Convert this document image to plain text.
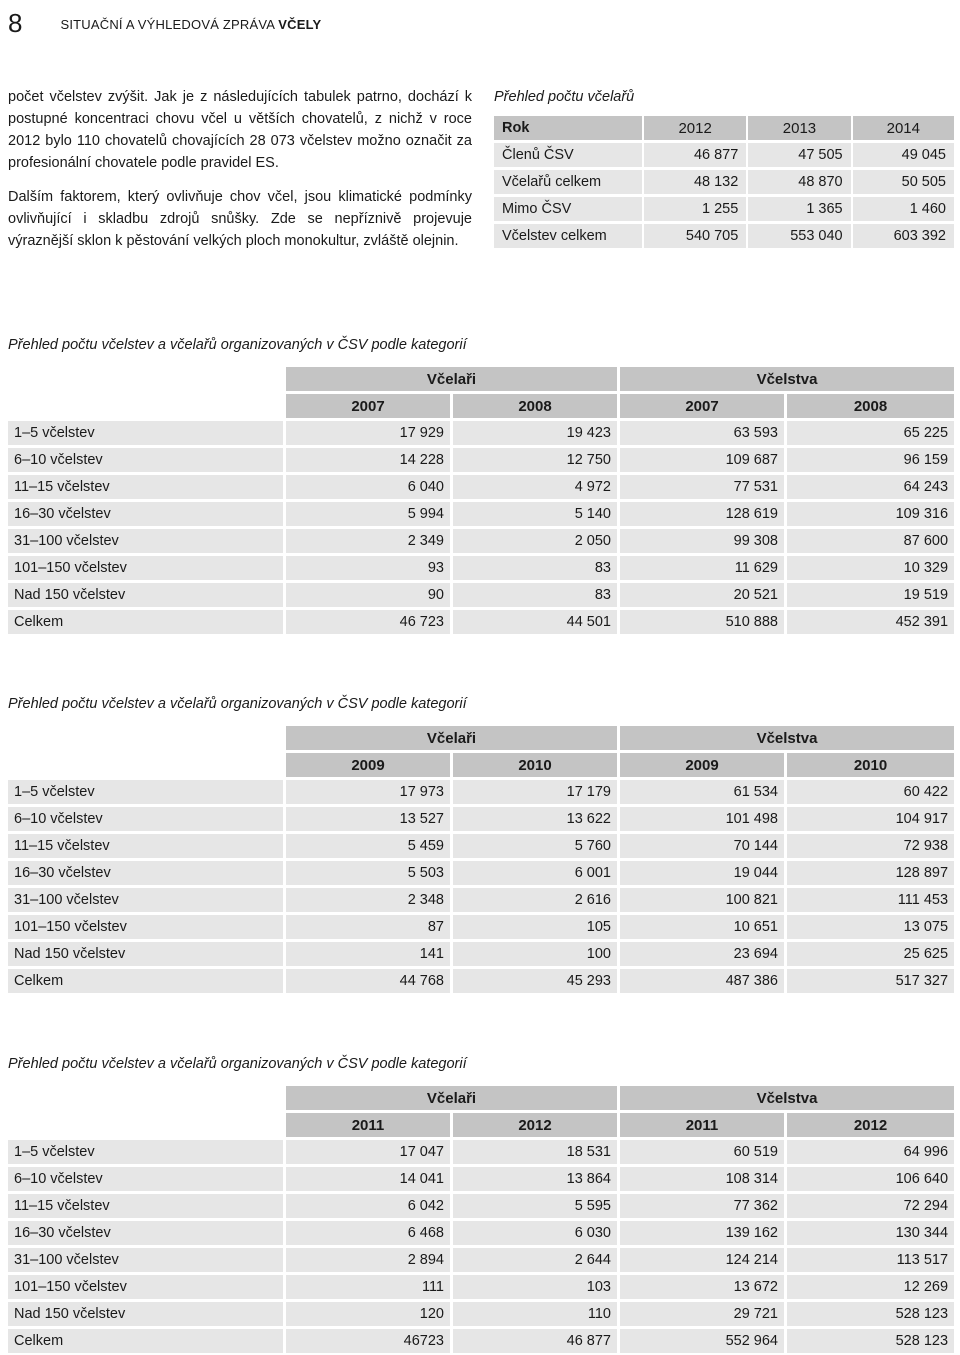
8	SITUAČNÍ A VÝHLEDOVÁ ZPRÁVA VČELY

počet včelstev zvýšit. Jak je z následujících tabulek patrno, dochází k postupné koncentraci chovu včel u větších chovatelů, z nichž v roce 2012 bylo 110 chovatelů chovajících 28 073 včelstev možno označit za profesionální chovatele podle pravidel ES.

Dalším faktorem, který ovlivňuje chov včel, jsou klimatické podmínky ovlivňující i skladbu zdrojů snůšky. Zde se nepříznivě projevuje výraznější sklon k pěstování velkých ploch monokultur, zvláště olejnin.

Přehled počtu včelařů
Rok	2012	2013	2014
Členů ČSV	46 877	47 505	49 045
Včelařů celkem	48 132	48 870	50 505
Mimo ČSV	1 255	1 365	1 460
Včelstev celkem	540 705	553 040	603 392
Přehled počtu včelstev a včelařů organizovaných v ČSV podle kategorií
	Včelaři		Včelstva	
	2007	2008	2007	2008
1–5 včelstev	17 929	19 423	63 593	65 225
6–10 včelstev	14 228	12 750	109 687	96 159
11–15 včelstev	6 040	4 972	77 531	64 243
16–30 včelstev	5 994	5 140	128 619	109 316
31–100 včelstev	2 349	2 050	99 308	87 600
101–150 včelstev	93	83	11 629	10 329
Nad 150 včelstev	90	83	20 521	19 519
Celkem	46 723	44 501	510 888	452 391
Přehled počtu včelstev a včelařů organizovaných v ČSV podle kategorií
	Včelaři		Včelstva	
	2009	2010	2009	2010
1–5 včelstev	17 973	17 179	61 534	60 422
6–10 včelstev	13 527	13 622	101 498	104 917
11–15 včelstev	5 459	5 760	70 144	72 938
16–30 včelstev	5 503	6 001	19 044	128 897
31–100 včelstev	2 348	2 616	100 821	111 453
101–150 včelstev	87	105	10 651	13 075
Nad 150 včelstev	141	100	23 694	25 625
Celkem	44 768	45 293	487 386	517 327
Přehled počtu včelstev a včelařů organizovaných v ČSV podle kategorií
	Včelaři		Včelstva	
	2011	2012	2011	2012
1–5 včelstev	17 047	18 531	60 519	64 996
6–10 včelstev	14 041	13 864	108 314	106 640
11–15 včelstev	6 042	5 595	77 362	72 294
16–30 včelstev	6 468	6 030	139 162	130 344
31–100 včelstev	2 894	2 644	124 214	113 517
101–150 včelstev	111	103	13 672	12 269
Nad 150 včelstev	120	110	29 721	528 123
Celkem	46723	46 877	552 964	528 123
